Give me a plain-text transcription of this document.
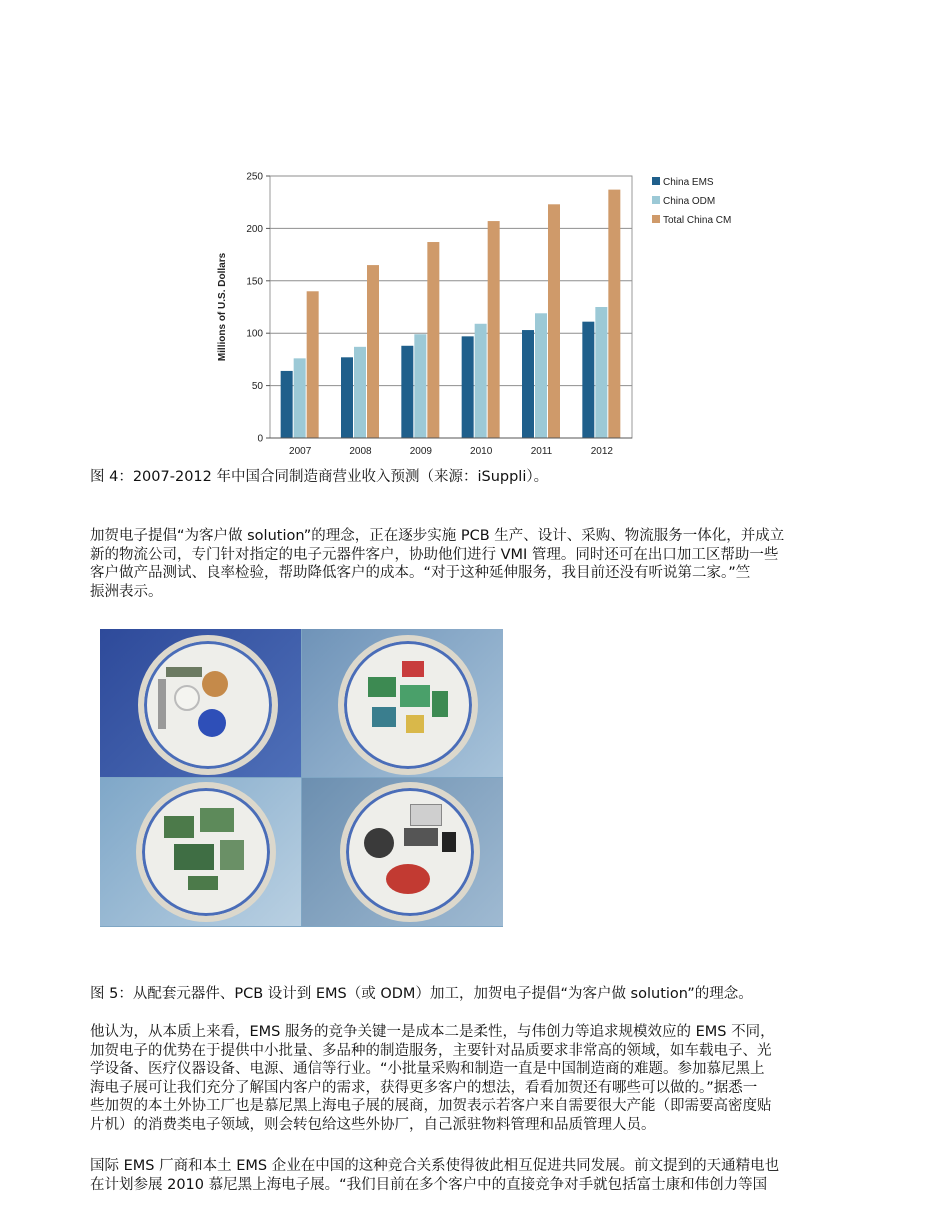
0
50
100
150
200
250
Millions of U.S. Dollars
2007	2008	2009	2010	2011	2012
China EMS
China ODM
Total China CM

图 4：2007-2012 年中国合同制造商营业收入预测（来源：iSuppli）。

加贺电子提倡“为客户做 solution”的理念，正在逐步实施 PCB 生产、设计、采购、物流服务一体化，并成立
新的物流公司，专门针对指定的电子元器件客户，协助他们进行 VMI 管理。同时还可在出口加工区帮助一些
客户做产品测试、良率检验，帮助降低客户的成本。“对于这种延伸服务，我目前还没有听说第二家。”竺
振洲表示。

图 5：从配套元器件、PCB 设计到 EMS（或 ODM）加工，加贺电子提倡“为客户做 solution”的理念。

他认为，从本质上来看，EMS 服务的竞争关键一是成本二是柔性，与伟创力等追求规模效应的 EMS 不同，
加贺电子的优势在于提供中小批量、多品种的制造服务，主要针对品质要求非常高的领域，如车载电子、光
学设备、医疗仪器设备、电源、通信等行业。“小批量采购和制造一直是中国制造商的难题。参加慕尼黑上
海电子展可让我们充分了解国内客户的需求，获得更多客户的想法，看看加贺还有哪些可以做的。”据悉一
些加贺的本土外协工厂也是慕尼黑上海电子展的展商，加贺表示若客户来自需要很大产能（即需要高密度贴
片机）的消费类电子领域，则会转包给这些外协厂，自己派驻物料管理和品质管理人员。
国际 EMS 厂商和本土 EMS 企业在中国的这种竞合关系使得彼此相互促进共同发展。前文提到的天通精电也
在计划参展 2010 慕尼黑上海电子展。“我们目前在多个客户中的直接竞争对手就包括富士康和伟创力等国
